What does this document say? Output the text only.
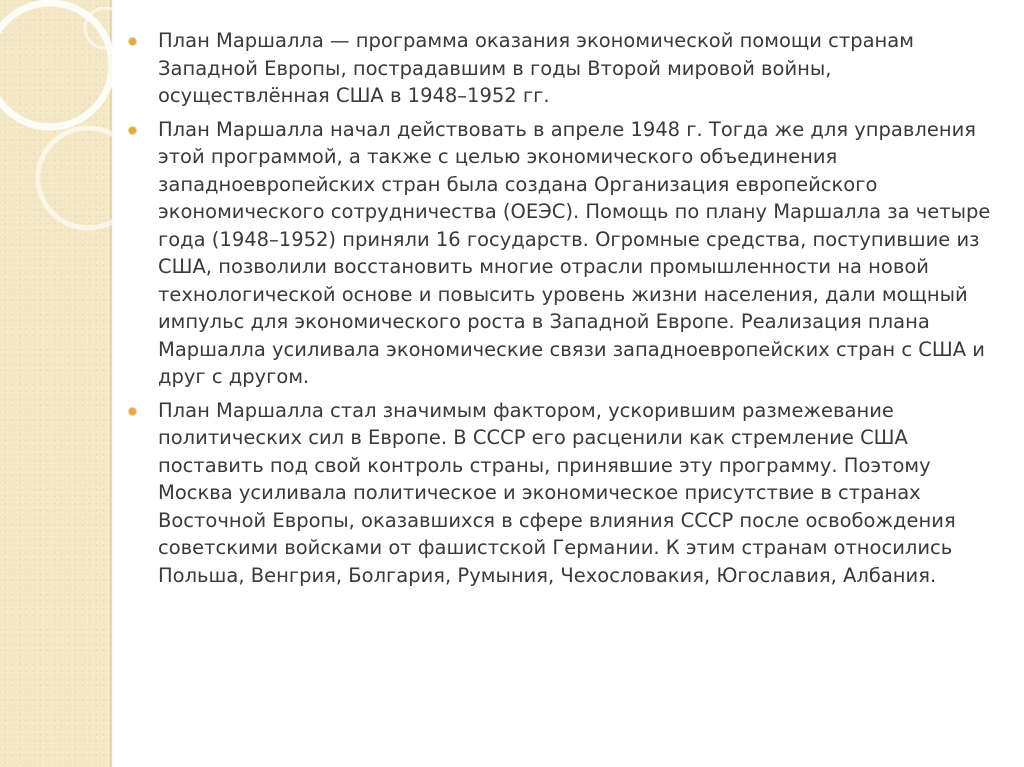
План Маршалла — программа оказания экономической помощи странам Западной Европы, пострадавшим в годы Второй мировой войны, осуществлённая США в 1948–1952 гг.
План Маршалла начал действовать в апреле 1948 г. Тогда же для управления этой программой, а также с целью экономического объединения западноевропейских стран была создана Организация европейского экономического сотрудничества (ОЕЭС). Помощь по плану Маршалла за четыре года (1948–1952) приняли 16 государств. Огромные средства, поступившие из США, позволили восстановить многие отрасли промышленности на новой технологической основе и повысить уровень жизни населения, дали мощный импульс для экономического роста в Западной Европе. Реализация плана Маршалла усиливала экономические связи западноевропейских стран с США и друг с другом.
План Маршалла стал значимым фактором, ускорившим размежевание политических сил в Европе. В СССР его расценили как стремление США поставить под свой контроль страны, принявшие эту программу. Поэтому Москва усиливала политическое и экономическое присутствие в странах Восточной Европы, оказавшихся в сфере влияния СССР после освобождения советскими войсками от фашистской Германии. К этим странам относились Польша, Венгрия, Болгария, Румыния, Чехословакия, Югославия, Албания.
